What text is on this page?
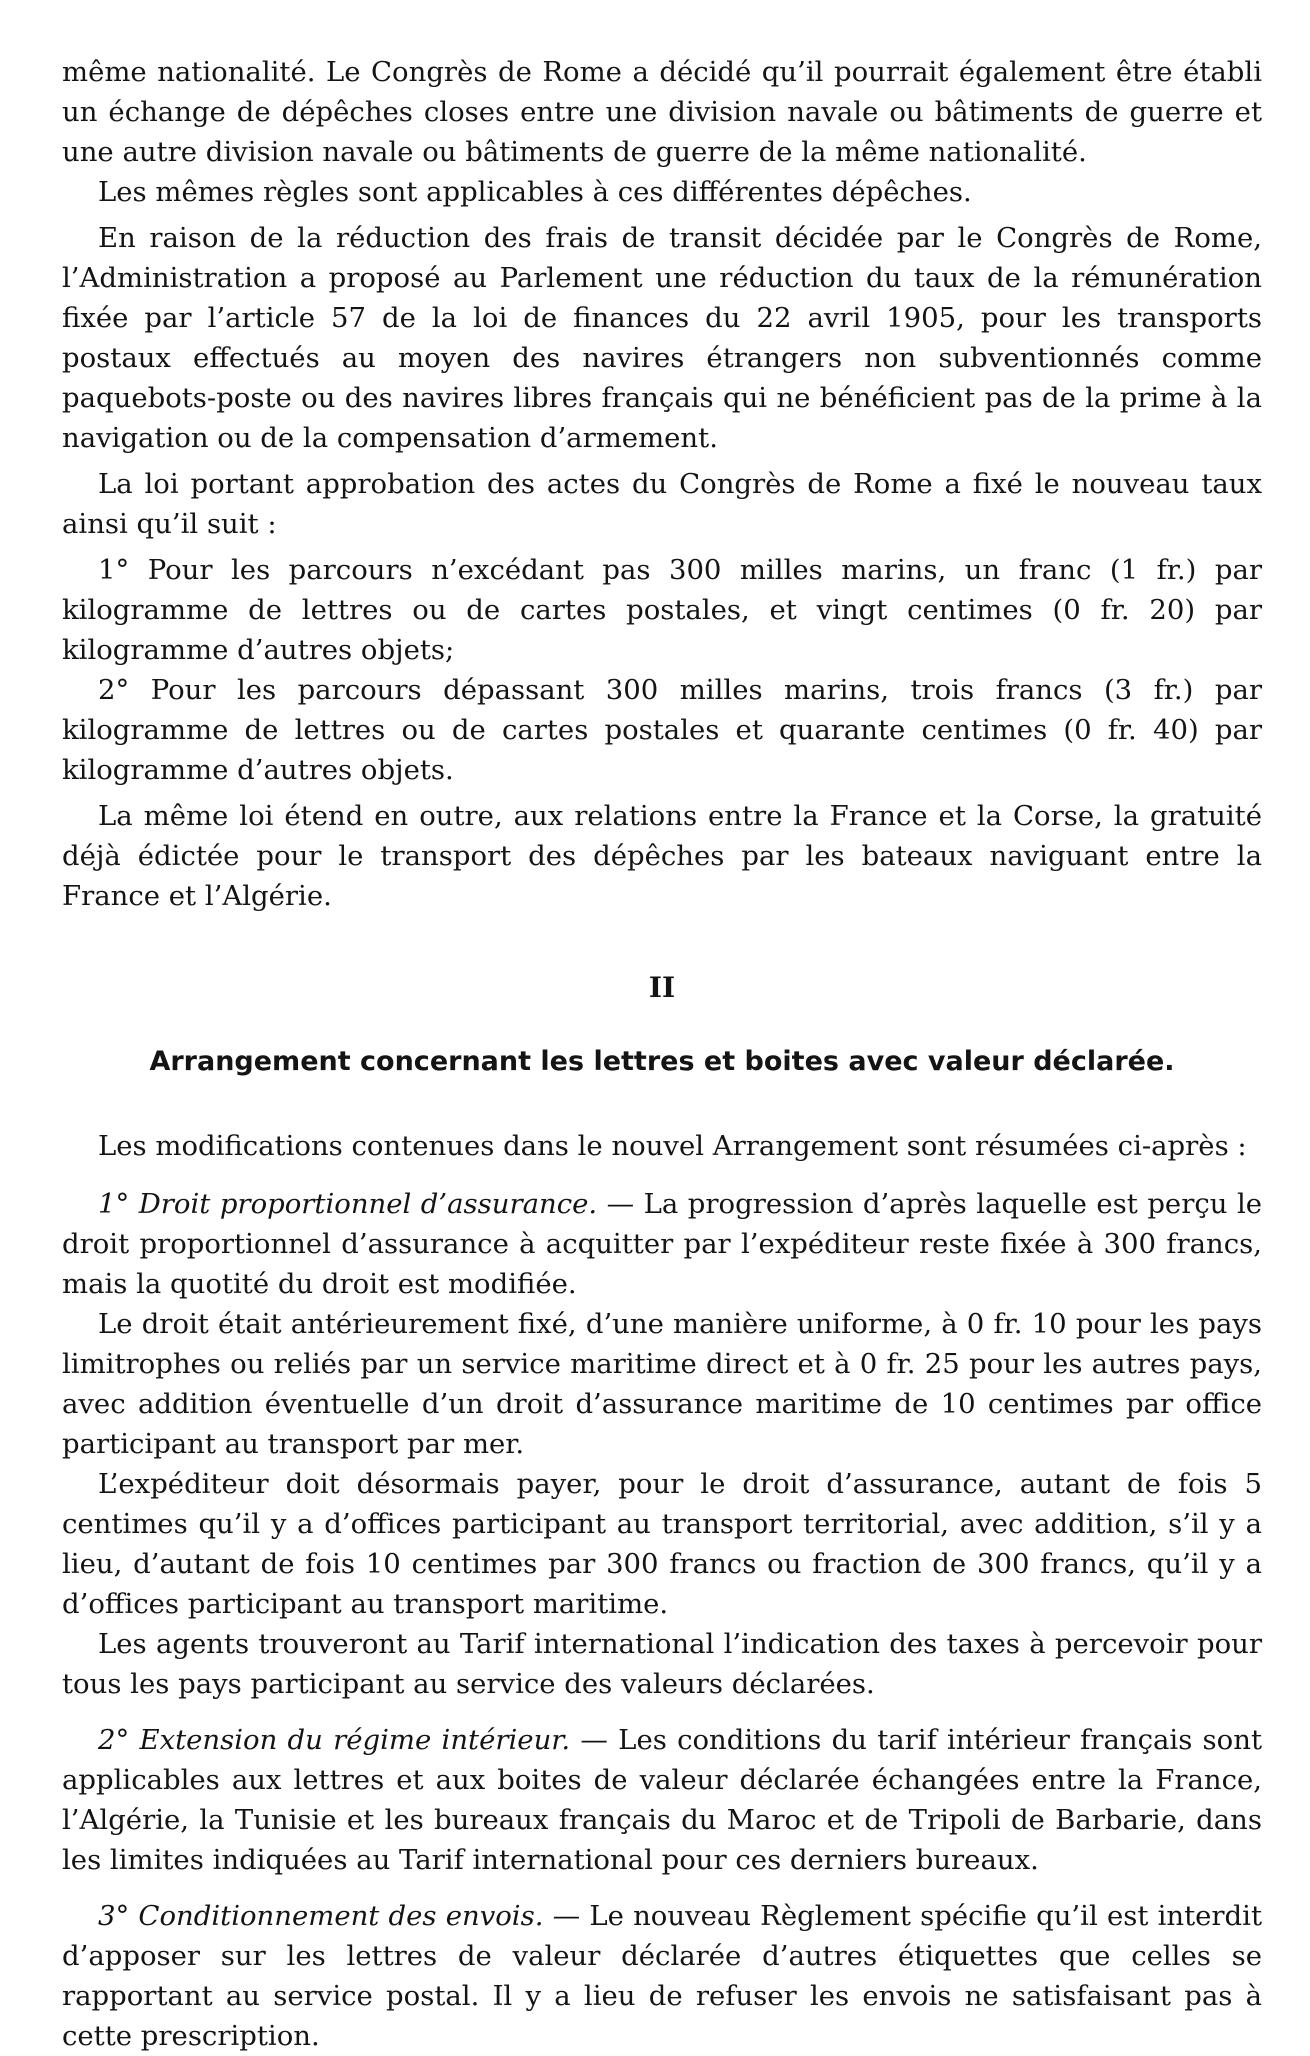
même nationalité. Le Congrès de Rome a décidé qu’il pourrait également être établi un échange de dépêches closes entre une division navale ou bâtiments de guerre et une autre division navale ou bâtiments de guerre de la même nationalité.

Les mêmes règles sont applicables à ces différentes dépêches.

En raison de la réduction des frais de transit décidée par le Congrès de Rome, l’Administration a proposé au Parlement une réduction du taux de la rémunération fixée par l’article 57 de la loi de finances du 22 avril 1905, pour les transports postaux effectués au moyen des navires étrangers non subventionnés comme paquebots-poste ou des navires libres français qui ne bénéficient pas de la prime à la navigation ou de la compensation d’armement.

La loi portant approbation des actes du Congrès de Rome a fixé le nouveau taux ainsi qu’il suit :

1° Pour les parcours n’excédant pas 300 milles marins, un franc (1 fr.) par kilogramme de lettres ou de cartes postales, et vingt centimes (0 fr. 20) par kilogramme d’autres objets;

2° Pour les parcours dépassant 300 milles marins, trois francs (3 fr.) par kilogramme de lettres ou de cartes postales et quarante centimes (0 fr. 40) par kilogramme d’autres objets.

La même loi étend en outre, aux relations entre la France et la Corse, la gratuité déjà édictée pour le transport des dépêches par les bateaux naviguant entre la France et l’Algérie.

II
Arrangement concernant les lettres et boites avec valeur déclarée.

Les modifications contenues dans le nouvel Arrangement sont résumées ci-après :

1° Droit proportionnel d’assurance. — La progression d’après laquelle est perçu le droit proportionnel d’assurance à acquitter par l’expéditeur reste fixée à 300 francs, mais la quotité du droit est modifiée.

Le droit était antérieurement fixé, d’une manière uniforme, à 0 fr. 10 pour les pays limitrophes ou reliés par un service maritime direct et à 0 fr. 25 pour les autres pays, avec addition éventuelle d’un droit d’assurance maritime de 10 centimes par office participant au transport par mer.

L’expéditeur doit désormais payer, pour le droit d’assurance, autant de fois 5 centimes qu’il y a d’offices participant au transport territorial, avec addition, s’il y a lieu, d’autant de fois 10 centimes par 300 francs ou fraction de 300 francs, qu’il y a d’offices participant au transport maritime.

Les agents trouveront au Tarif international l’indication des taxes à percevoir pour tous les pays participant au service des valeurs déclarées.

2° Extension du régime intérieur. — Les conditions du tarif intérieur français sont applicables aux lettres et aux boites de valeur déclarée échangées entre la France, l’Algérie, la Tunisie et les bureaux français du Maroc et de Tripoli de Barbarie, dans les limites indiquées au Tarif international pour ces derniers bureaux.

3° Conditionnement des envois. — Le nouveau Règlement spécifie qu’il est interdit d’apposer sur les lettres de valeur déclarée d’autres étiquettes que celles se rapportant au service postal. Il y a lieu de refuser les envois ne satisfaisant pas à cette prescription.
